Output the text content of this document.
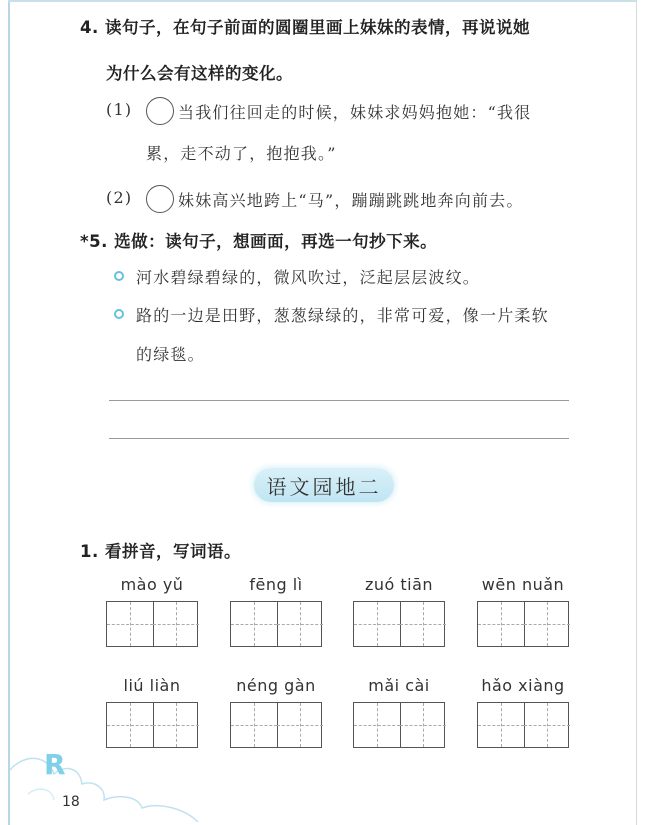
4. 读句子，在句子前面的圆圈里画上妹妹的表情，再说说她
为什么会有这样的变化。
(1)	当我们往回走的时候，妹妹求妈妈抱她：“我很
累，走不动了，抱抱我。”
(2)	妹妹高兴地跨上“马”，蹦蹦跳跳地奔向前去。
*5. 选做：读句子，想画面，再选一句抄下来。
河水碧绿碧绿的，微风吹过，泛起层层波纹。
路的一边是田野，葱葱绿绿的，非常可爱，像一片柔软
的绿毯。
语文园地二
1. 看拼音，写词语。
mào yǔ	fēng lì	zuó tiān	wēn nuǎn
liú liàn	néng gàn	mǎi cài	hǎo xiàng
R
18
